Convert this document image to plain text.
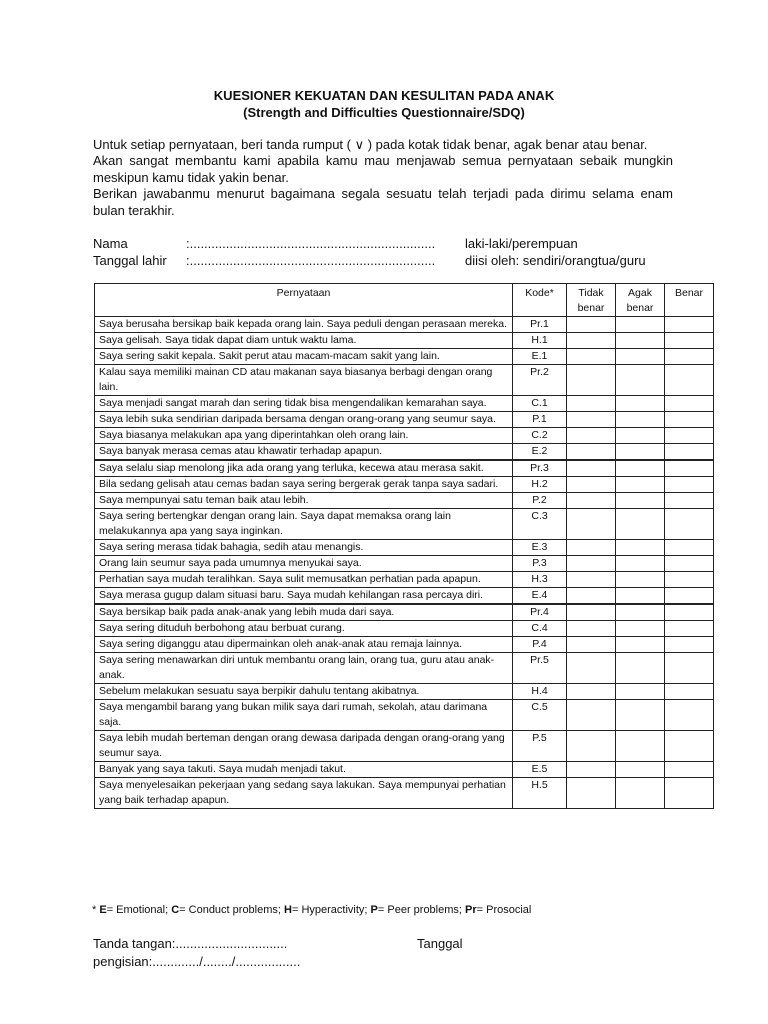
KUESIONER KEKUATAN DAN KESULITAN PADA ANAK
(Strength and Difficulties Questionnaire/SDQ)

Untuk setiap pernyataan, beri tanda rumput ( ∨ ) pada kotak tidak benar, agak benar atau benar.

Akan sangat membantu kami apabila kamu mau menjawab semua pernyataan sebaik mungkin meskipun kamu tidak yakin benar.

Berikan jawabanmu menurut bagaimana segala sesuatu telah terjadi pada dirimu selama enam bulan terakhir.

Nama	:.................................................................... laki-laki/perempuan
Tanggal lahir :.................................................................... diisi oleh: sendiri/orangtua/guru
Pernyataan	Kode*	Tidak benar	Agak benar	Benar
Saya berusaha bersikap baik kepada orang lain. Saya peduli dengan perasaan mereka.	Pr.1			
Saya gelisah. Saya tidak dapat diam untuk waktu lama.	H.1			
Saya sering sakit kepala. Sakit perut atau macam-macam sakit yang lain.	E.1			
Kalau saya memiliki mainan CD atau makanan saya biasanya berbagi dengan orang lain.	Pr.2			
Saya menjadi sangat marah dan sering tidak bisa mengendalikan kemarahan saya.	C.1			
Saya lebih suka sendirian daripada bersama dengan orang-orang yang seumur saya.	P.1			
Saya biasanya melakukan apa yang diperintahkan oleh orang lain.	C.2			
Saya banyak merasa cemas atau khawatir terhadap apapun.	E.2			
Saya selalu siap menolong jika ada orang yang terluka, kecewa atau merasa sakit.	Pr.3			
Bila sedang gelisah atau cemas badan saya sering bergerak gerak tanpa saya sadari.	H.2			
Saya mempunyai satu teman baik atau lebih.	P.2			
Saya sering bertengkar dengan orang lain. Saya dapat memaksa orang lain melakukannya apa yang saya inginkan.	C.3			
Saya sering merasa tidak bahagia, sedih atau menangis.	E.3			
Orang lain seumur saya pada umumnya menyukai saya.	P.3			
Perhatian saya mudah teralihkan. Saya sulit memusatkan perhatian pada apapun.	H.3			
Saya merasa gugup dalam situasi baru. Saya mudah kehilangan rasa percaya diri.	E.4			
Saya bersikap baik pada anak-anak yang lebih muda dari saya.	Pr.4			
Saya sering dituduh berbohong atau berbuat curang.	C.4			
Saya sering diganggu atau dipermainkan oleh anak-anak atau remaja lainnya.	P.4			
Saya sering menawarkan diri untuk membantu orang lain, orang tua, guru atau anak-anak.	Pr.5			
Sebelum melakukan sesuatu saya berpikir dahulu tentang akibatnya.	H.4			
Saya mengambil barang yang bukan milik saya dari rumah, sekolah, atau darimana saja.	C.5			
Saya lebih mudah berteman dengan orang dewasa daripada dengan orang-orang yang seumur saya.	P.5			
Banyak yang saya takuti. Saya mudah menjadi takut.	E.5			
Saya menyelesaikan pekerjaan yang sedang saya lakukan. Saya mempunyai perhatian yang baik terhadap apapun.	H.5			
* E= Emotional; C= Conduct problems; H= Hyperactivity; P= Peer problems; Pr= Prosocial
Tanda tangan:...............................	Tanggal
pengisian:............./......../..................
